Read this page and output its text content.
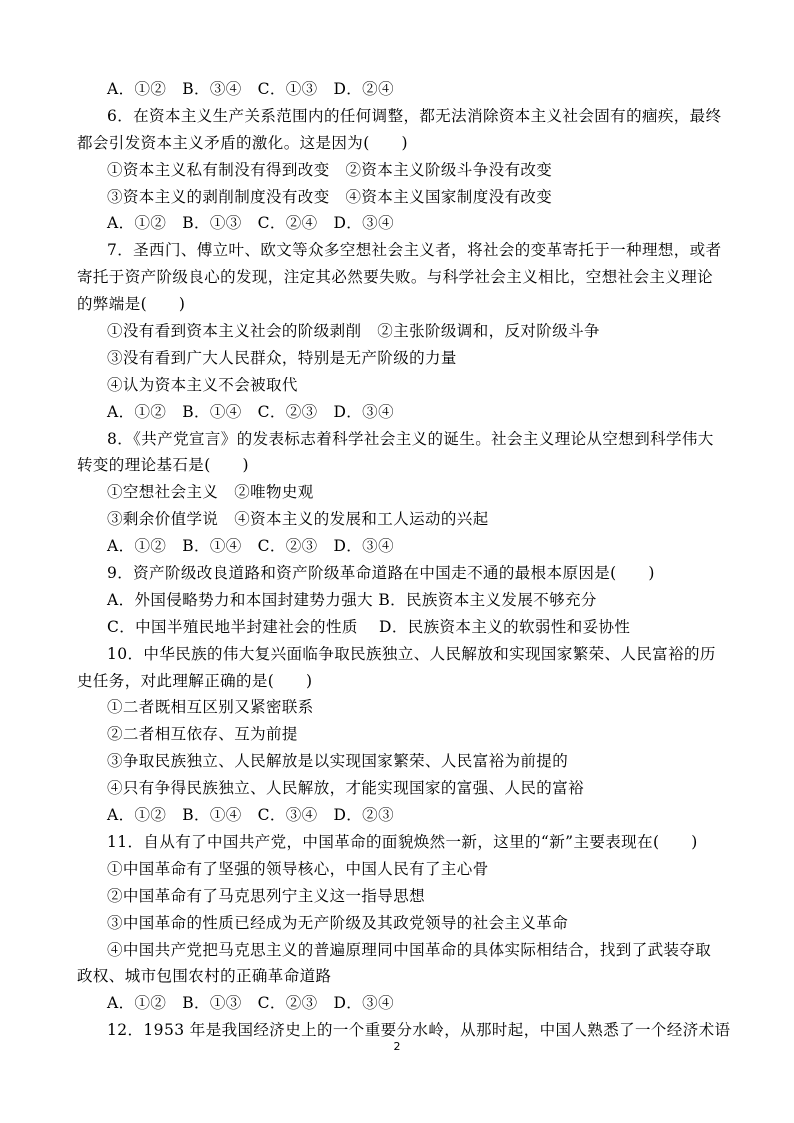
A．①②　B．③④　C．①③　D．②④
6．在资本主义生产关系范围内的任何调整，都无法消除资本主义社会固有的痼疾，最终
都会引发资本主义矛盾的激化。这是因为(　　)
①资本主义私有制没有得到改变　②资本主义阶级斗争没有改变
③资本主义的剥削制度没有改变　④资本主义国家制度没有改变
A．①②　B．①③　C．②④　D．③④
7．圣西门、傅立叶、欧文等众多空想社会主义者，将社会的变革寄托于一种理想，或者
寄托于资产阶级良心的发现，注定其必然要失败。与科学社会主义相比，空想社会主义理论
的弊端是(　　)
①没有看到资本主义社会的阶级剥削　②主张阶级调和，反对阶级斗争
③没有看到广大人民群众，特别是无产阶级的力量
④认为资本主义不会被取代
A．①②　B．①④　C．②③　D．③④
8．《共产党宣言》的发表标志着科学社会主义的诞生。社会主义理论从空想到科学伟大
转变的理论基石是(　　)
①空想社会主义　②唯物史观
③剩余价值学说　④资本主义的发展和工人运动的兴起
A．①②　B．①④　C．②③　D．③④
9．资产阶级改良道路和资产阶级革命道路在中国走不通的最根本原因是(　　)
A．外国侵略势力和本国封建势力强大 B．民族资本主义发展不够充分
C．中国半殖民地半封建社会的性质　 D．民族资本主义的软弱性和妥协性
10．中华民族的伟大复兴面临争取民族独立、人民解放和实现国家繁荣、人民富裕的历
史任务，对此理解正确的是(　　)
①二者既相互区别又紧密联系
②二者相互依存、互为前提
③争取民族独立、人民解放是以实现国家繁荣、人民富裕为前提的
④只有争得民族独立、人民解放，才能实现国家的富强、人民的富裕
A．①②　B．①④　C．③④　D．②③
11．自从有了中国共产党，中国革命的面貌焕然一新，这里的“新”主要表现在(　　)
①中国革命有了坚强的领导核心，中国人民有了主心骨
②中国革命有了马克思列宁主义这一指导思想
③中国革命的性质已经成为无产阶级及其政党领导的社会主义革命
④中国共产党把马克思主义的普遍原理同中国革命的具体实际相结合，找到了武装夺取
政权、城市包围农村的正确革命道路
A．①②　B．①③　C．②③　D．③④
12．1953 年是我国经济史上的一个重要分水岭，从那时起，中国人熟悉了一个经济术语
2
